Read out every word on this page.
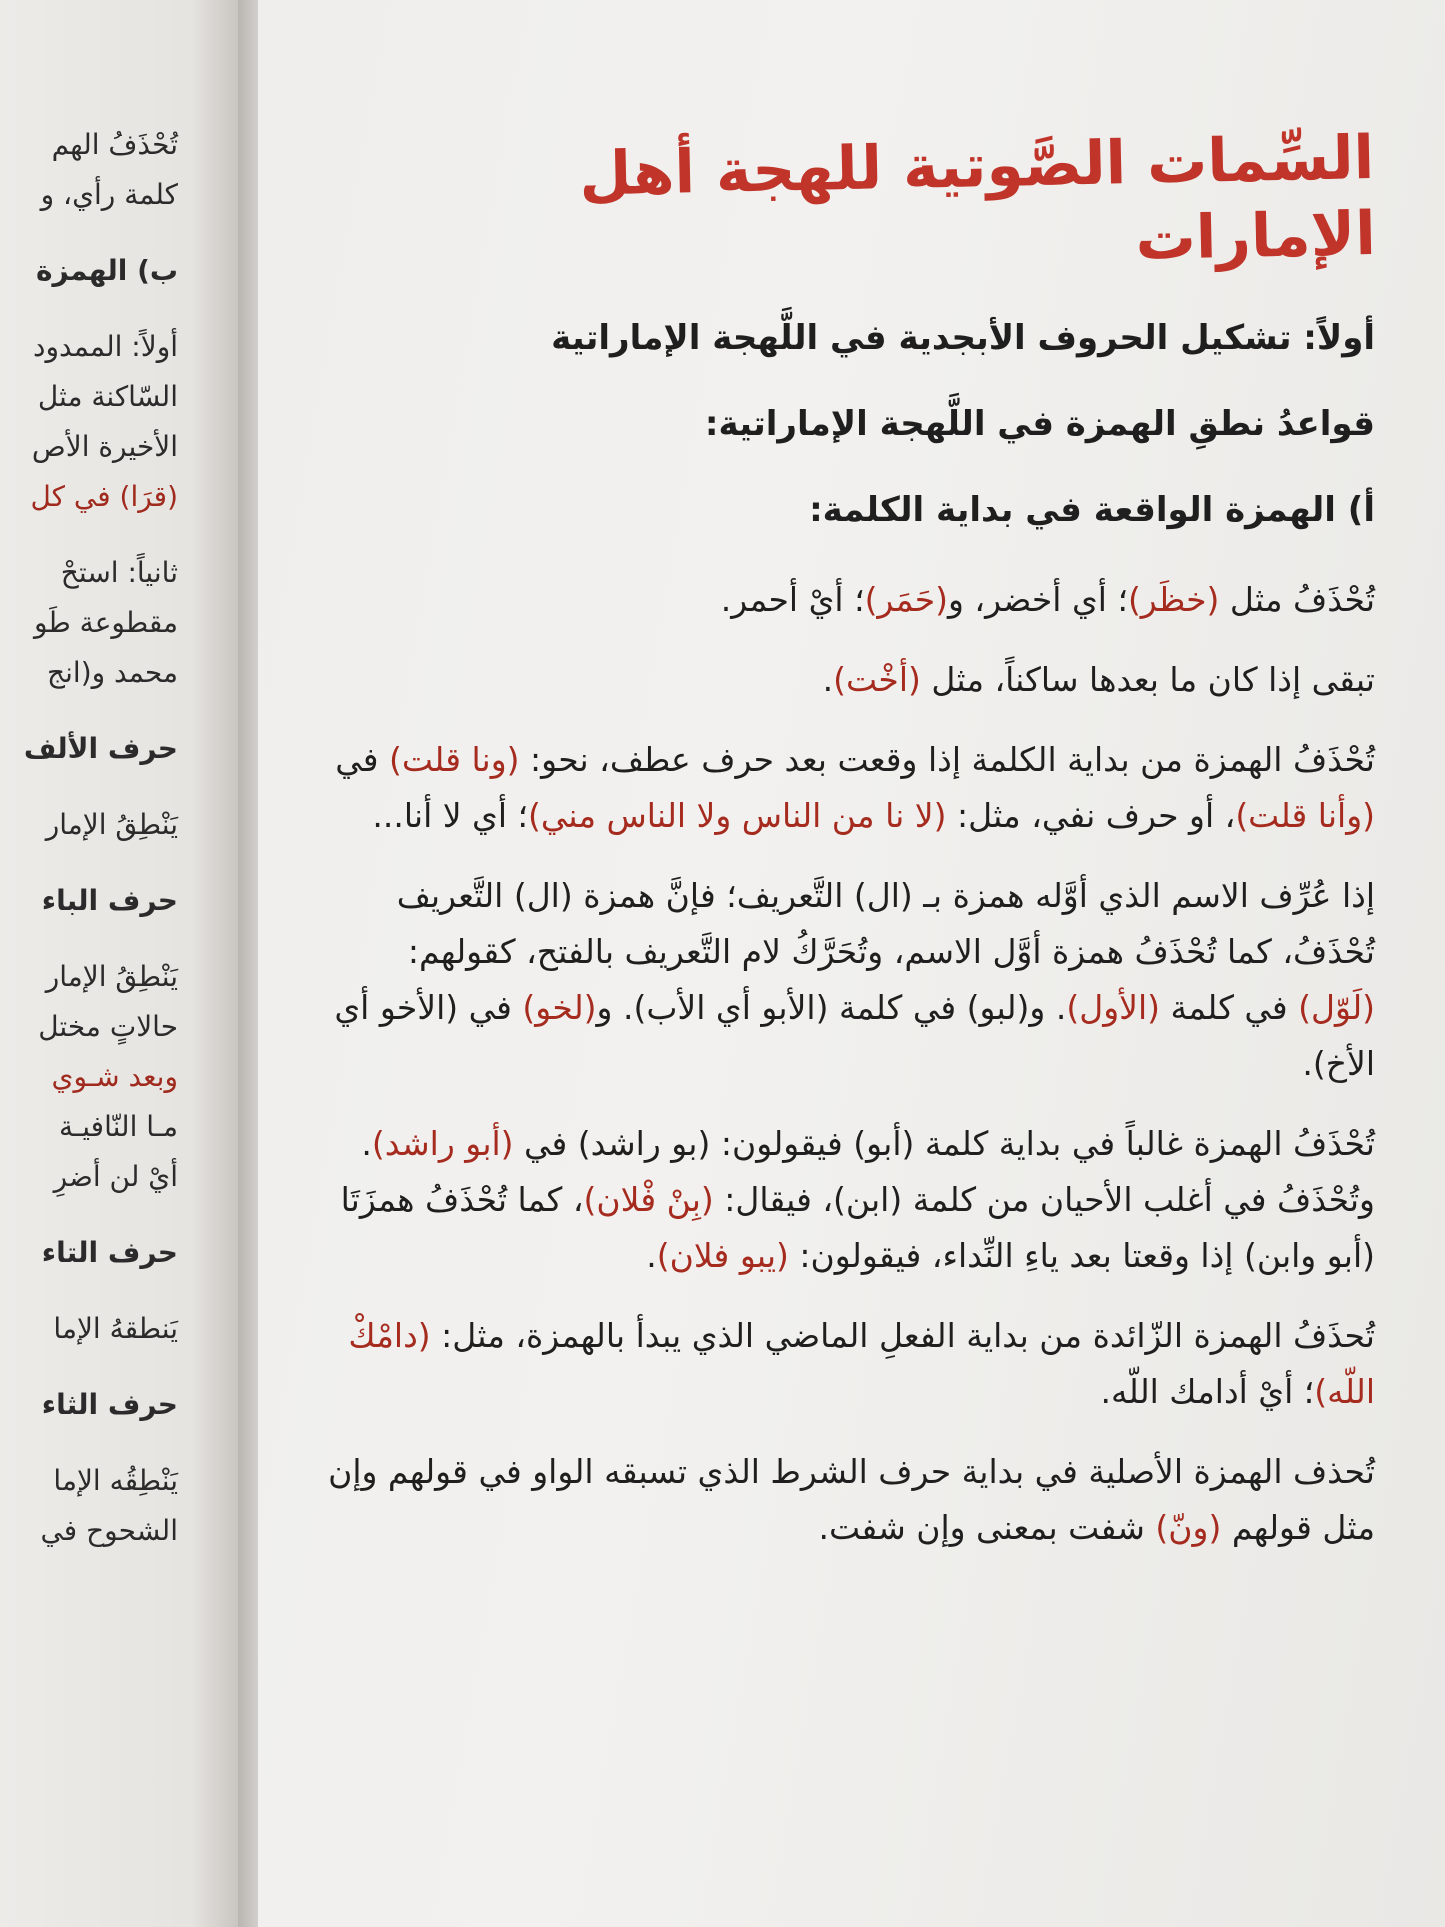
تُحْذَفُ الهم
كلمة رأي، و
ب) الهمزة
أولاً: الممدود
السّاكنة مثل
الأخيرة الأص
(قرَا) في كل
ثانياً: استحْ
مقطوعة طَو
محمد و(انج
حرف الألف
يَنْطِقُ الإمار
حرف الباء
يَنْطِقُ الإمار
حالاتٍ مختل
وبعد شـوي
مـا النّافيـة
أيْ لن أضرِ
حرف التاء
يَنطقهُ الإما
حرف الثاء
يَنْطِقُه الإما
الشحوح في
السِّمات الصَّوتية للهجة أهل الإمارات
أولاً: تشكيل الحروف الأبجدية في اللَّهجة الإماراتية
قواعدُ نطقِ الهمزة في اللَّهجة الإماراتية:
أ) الهمزة الواقعة في بداية الكلمة:

تُحْذَفُ مثل (خظَر)؛ أي أخضر، و(حَمَر)؛ أيْ أحمر.

تبقى إذا كان ما بعدها ساكناً، مثل (أخْت).

تُحْذَفُ الهمزة من بداية الكلمة إذا وقعت بعد حرف عطف، نحو: (ونا قلت) في (وأنا قلت)، أو حرف نفي، مثل: (لا نا من الناس ولا الناس مني)؛ أي لا أنا...

إذا عُرِّف الاسم الذي أوَّله همزة بـ (ال) التَّعريف؛ فإنَّ همزة (ال) التَّعريف تُحْذَفُ، كما تُحْذَفُ همزة أوَّل الاسم، وتُحَرَّكُ لام التَّعريف بالفتح، كقولهم: (لَوّل) في كلمة (الأول). و(لبو) في كلمة (الأبو أي الأب). و(لخو) في (الأخو أي الأخ).

تُحْذَفُ الهمزة غالباً في بداية كلمة (أبو) فيقولون: (بو راشد) في (أبو راشد). وتُحْذَفُ في أغلب الأحيان من كلمة (ابن)، فيقال: (بِنْ فْلان)، كما تُحْذَفُ همزَتَا (أبو وابن) إذا وقعتا بعد ياءِ النِّداء، فيقولون: (يبو فلان).

تُحذَفُ الهمزة الزّائدة من بداية الفعلِ الماضي الذي يبدأ بالهمزة، مثل: (دامْكْ اللّه)؛ أيْ أدامك اللّه.

تُحذف الهمزة الأصلية في بداية حرف الشرط الذي تسبقه الواو في قولهم وإن مثل قولهم (ونّ) شفت بمعنى وإن شفت.
